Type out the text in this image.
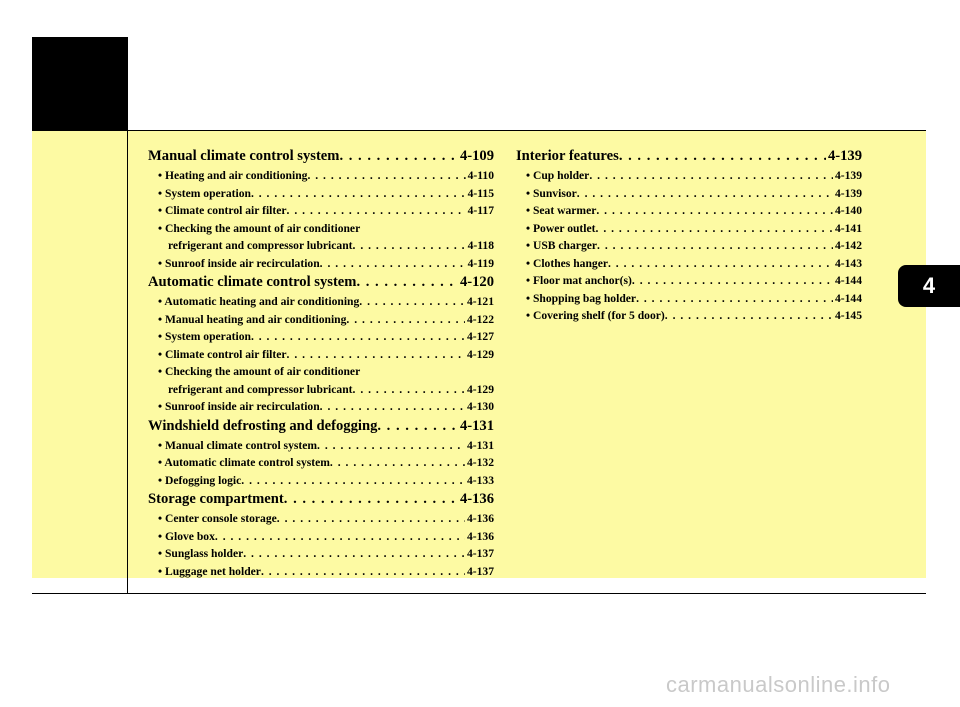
4
Manual climate control system . . .	4-109
• Heating and air conditioning . . .	4-110
• System operation . . .	4-115
• Climate control air filter . . .	4-117
• Checking the amount of air conditioner
refrigerant and compressor lubricant . . .	4-118
• Sunroof inside air recirculation . . .	4-119
Automatic climate control system . . .	4-120
• Automatic heating and air conditioning . . .	4-121
• Manual heating and air conditioning . . .	4-122
• System operation . . .	4-127
• Climate control air filter . . .	4-129
• Checking the amount of air conditioner
refrigerant and compressor lubricant . . .	4-129
• Sunroof inside air recirculation . . .	4-130
Windshield defrosting and defogging . . .	4-131
• Manual climate control system . . .	4-131
• Automatic climate control system . . .	4-132
• Defogging logic . . .	4-133
Storage compartment . . .	4-136
• Center console storage . . .	4-136
• Glove box . . .	4-136
• Sunglass holder . . .	4-137
• Luggage net holder . . .	4-137
Interior features . . .	4-139
• Cup holder . . .	4-139
• Sunvisor . . .	4-139
• Seat warmer . . .	4-140
• Power outlet . . .	4-141
• USB charger . . .	4-142
• Clothes hanger . . .	4-143
• Floor mat anchor(s) . . .	4-144
• Shopping bag holder . . .	4-144
• Covering shelf (for 5 door) . . .	4-145
carmanualsonline.info
